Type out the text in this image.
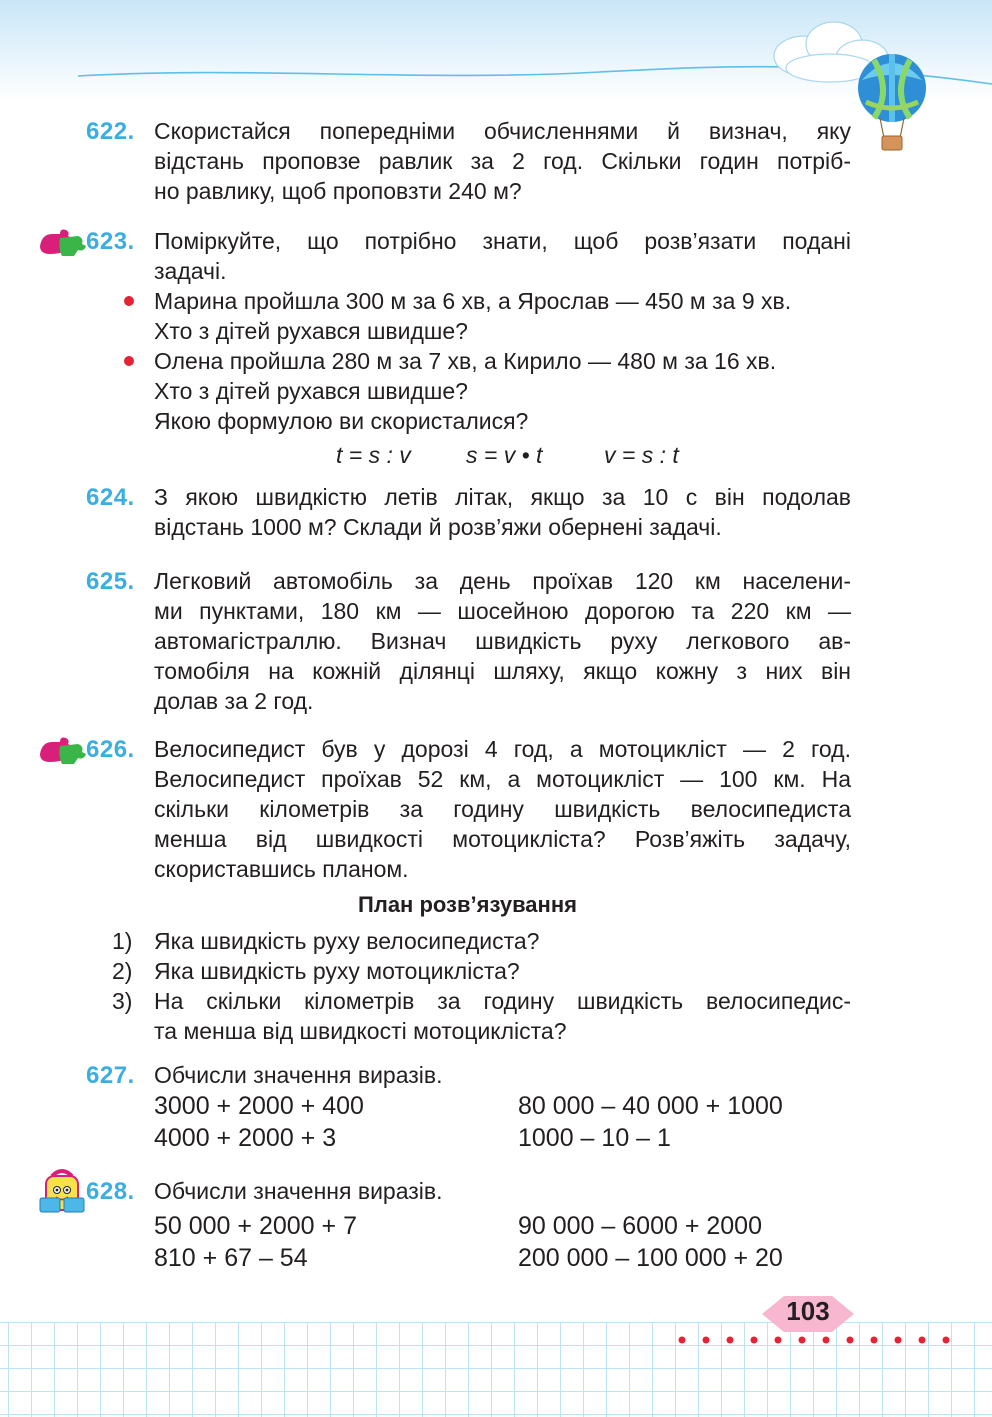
622. Скористайся попередніми обчисленнями й визнач, яку
відстань проповзе равлик за 2 год. Скільки годин потріб-
но равлику, щоб проповзти 240 м?
623. Поміркуйте, що потрібно знати, щоб розв’язати подані
задачі.
Марина пройшла 300 м за 6 хв, а Ярослав — 450 м за 9 хв.
Хто з дітей рухався швидше?
Олена пройшла 280 м за 7 хв, а Кирило — 480 м за 16 хв.
Хто з дітей рухався швидше?
Якою формулою ви скористалися?
t = s : v s = v • t	v = s : t
624. З якою швидкістю летів літак, якщо за 10 с він подолав
відстань 1000 м? Склади й розв’яжи обернені задачі.
625. Легковий автомобіль за день проїхав 120 км населени-
ми пунктами, 180 км — шосейною дорогою та 220 км —
автомагістраллю. Визнач швидкість руху легкового ав-
томобіля на кожній ділянці шляху, якщо кожну з них він
долав за 2 год.
626. Велосипедист був у дорозі 4 год, а мотоцикліст — 2 год.
Велосипедист проїхав 52 км, а мотоцикліст — 100 км. На
скільки кілометрів за годину швидкість велосипедиста
менша від швидкості мотоцикліста? Розв’яжіть задачу,
скориставшись планом.
План розв’язування
1) Яка швидкість руху велосипедиста?
2) Яка швидкість руху мотоцикліста?
3) На скільки кілометрів за годину швидкість велосипедис-
та менша від швидкості мотоцикліста?
627. Обчисли значення виразів.
3000 + 2000 + 400
4000 + 2000 + 3
80 000 – 40 000 + 1000
1000 – 10 – 1
628. Обчисли значення виразів.
50 000 + 2000 + 7
810 + 67 – 54
90 000 – 6000 + 2000
200 000 – 100 000 + 20
103
